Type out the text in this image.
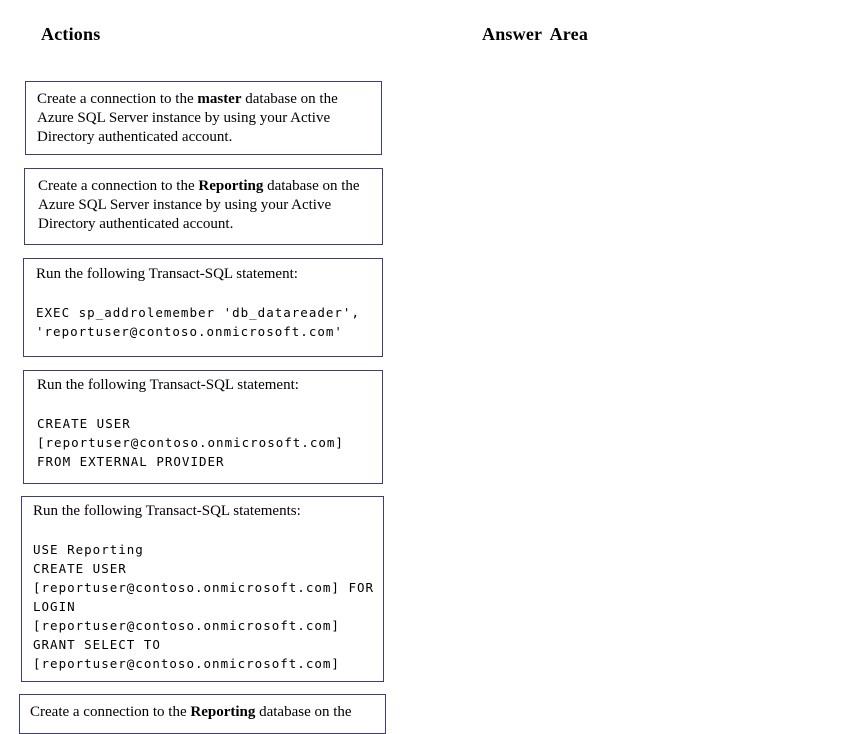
Actions	Answer Area

Create a connection to the master database on the Azure SQL Server instance by using your Active Directory authenticated account.

Create a connection to the Reporting database on the Azure SQL Server instance by using your Active Directory authenticated account.

Run the following Transact-SQL statement:

EXEC sp_addrolemember 'db_datareader',
'reportuser@contoso.onmicrosoft.com'

Run the following Transact-SQL statement:

CREATE USER
[reportuser@contoso.onmicrosoft.com]
FROM EXTERNAL PROVIDER

Run the following Transact-SQL statements:

USE Reporting
CREATE USER
[reportuser@contoso.onmicrosoft.com] FOR
LOGIN
[reportuser@contoso.onmicrosoft.com]
GRANT SELECT TO
[reportuser@contoso.onmicrosoft.com]

Create a connection to the Reporting database on the
